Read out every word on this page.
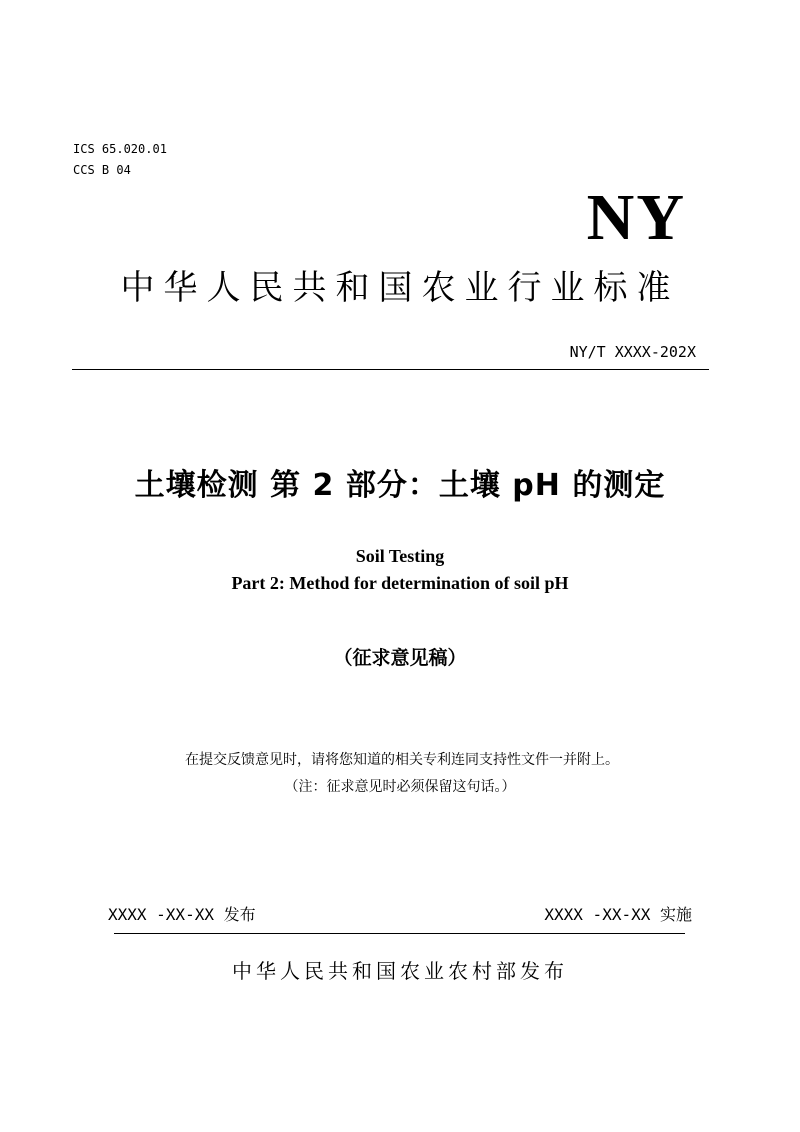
ICS 65.020.01
CCS B 04
NY
中华人民共和国农业行业标准
NY/T XXXX-202X
土壤检测 第 2 部分：土壤 pH 的测定
Soil Testing
Part 2: Method for determination of soil pH
（征求意见稿）
在提交反馈意见时，请将您知道的相关专利连同支持性文件一并附上。
（注：征求意见时必须保留这句话。）
XXXX -XX-XX 发布	XXXX -XX-XX 实施
中华人民共和国农业农村部发布
